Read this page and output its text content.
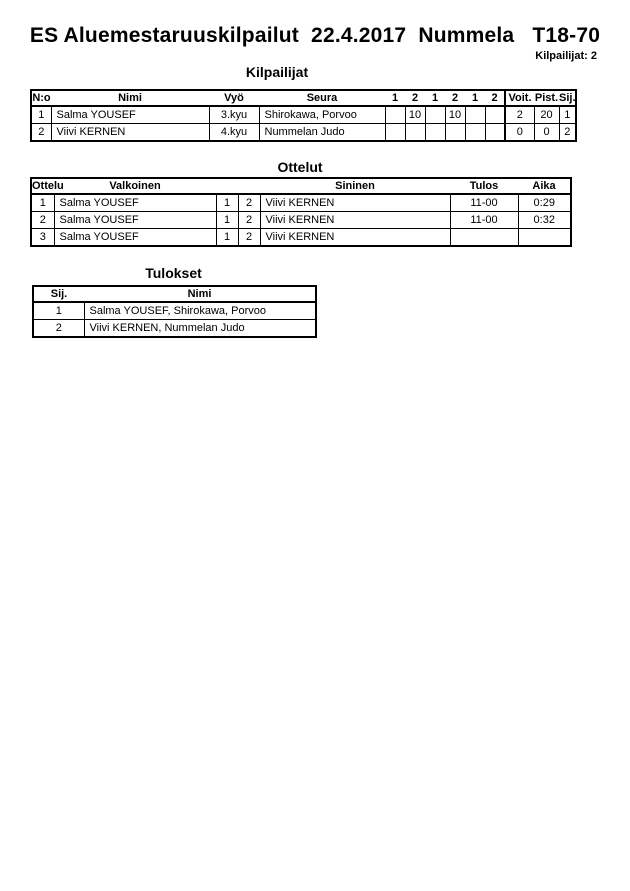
ES Aluemestaruuskilpailut  22.4.2017  Nummela   T18-70
Kilpailijat: 2
Kilpailijat
N:o	Nimi	Vyö	Seura	1	2	1	2	1	2	Voit.	Pist.	Sij.
1	Salma YOUSEF	3.kyu	Shirokawa, Porvoo		10		10			2	20	1
2	Viivi KERNEN	4.kyu	Nummelan Judo							0	0	2
Ottelut
Ottelu	Valkoinen			Sininen	Tulos	Aika
1	Salma YOUSEF	1	2	Viivi KERNEN	11-00	0:29
2	Salma YOUSEF	1	2	Viivi KERNEN	11-00	0:32
3	Salma YOUSEF	1	2	Viivi KERNEN		
Tulokset
Sij.	Nimi
1	Salma YOUSEF, Shirokawa, Porvoo
2	Viivi KERNEN, Nummelan Judo
